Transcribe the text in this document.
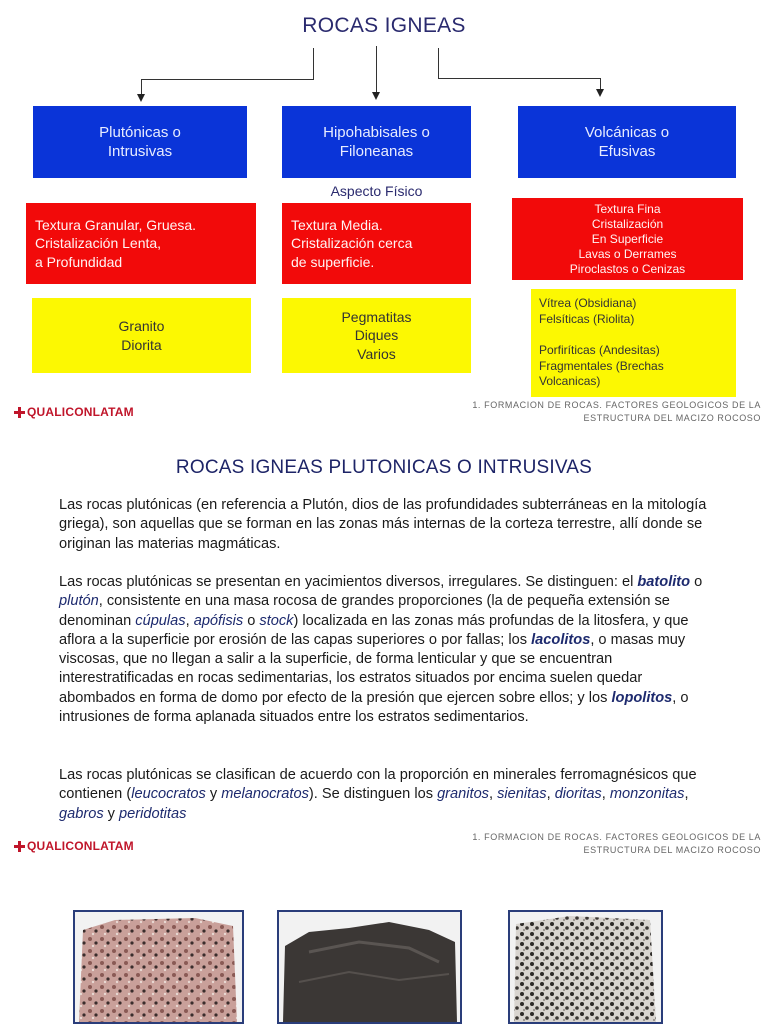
ROCAS IGNEAS
Plutónicas o
Intrusivas
Hipohabisales o
Filoneanas
Volcánicas o
Efusivas
Aspecto Físico
Textura Granular, Gruesa.
Cristalización Lenta,
a Profundidad
Textura Media.
Cristalización cerca
de superficie.
Textura Fina
Cristalización
En Superficie
Lavas o Derrames
Piroclastos o Cenizas
Granito
Diorita
Pegmatitas
Diques
Varios
Vítrea (Obsidiana)
Felsíticas (Riolita)

Porfiríticas (Andesitas)
Fragmentales (Brechas
Volcanicas)
QUALICON LATAM	1. FORMACION DE ROCAS. FACTORES GEOLOGICOS DE LA
ESTRUCTURA DEL MACIZO ROCOSO
ROCAS IGNEAS PLUTONICAS O INTRUSIVAS
Las rocas plutónicas (en referencia a Plutón, dios de las profundidades subterráneas en la mitología griega), son aquellas que se forman en las zonas más internas de la corteza terrestre, allí donde se originan las materias magmáticas.
Las rocas plutónicas se presentan en yacimientos diversos, irregulares. Se distinguen: el batolito o plutón, consistente en una masa rocosa de grandes proporciones (la de pequeña extensión se denominan cúpulas, apófisis o stock) localizada en las zonas más profundas de la litosfera, y que aflora a la superficie por erosión de las capas superiores o por fallas; los lacolitos, o masas muy viscosas, que no llegan a salir a la superficie, de forma lenticular y que se encuentran interestratificadas en rocas sedimentarias, los estratos situados por encima suelen quedar abombados en forma de domo por efecto de la presión que ejercen sobre ellos; y los lopolitos, o intrusiones de forma aplanada situados entre los estratos sedimentarios.
Las rocas plutónicas se clasifican de acuerdo con la proporción en minerales ferromagnésicos que contienen (leucocratos y melanocratos). Se distinguen los granitos, sienitas, dioritas, monzonitas, gabros y peridotitas
QUALICON LATAM
1. FORMACION DE ROCAS. FACTORES GEOLOGICOS DE LA
ESTRUCTURA DEL MACIZO ROCOSO
